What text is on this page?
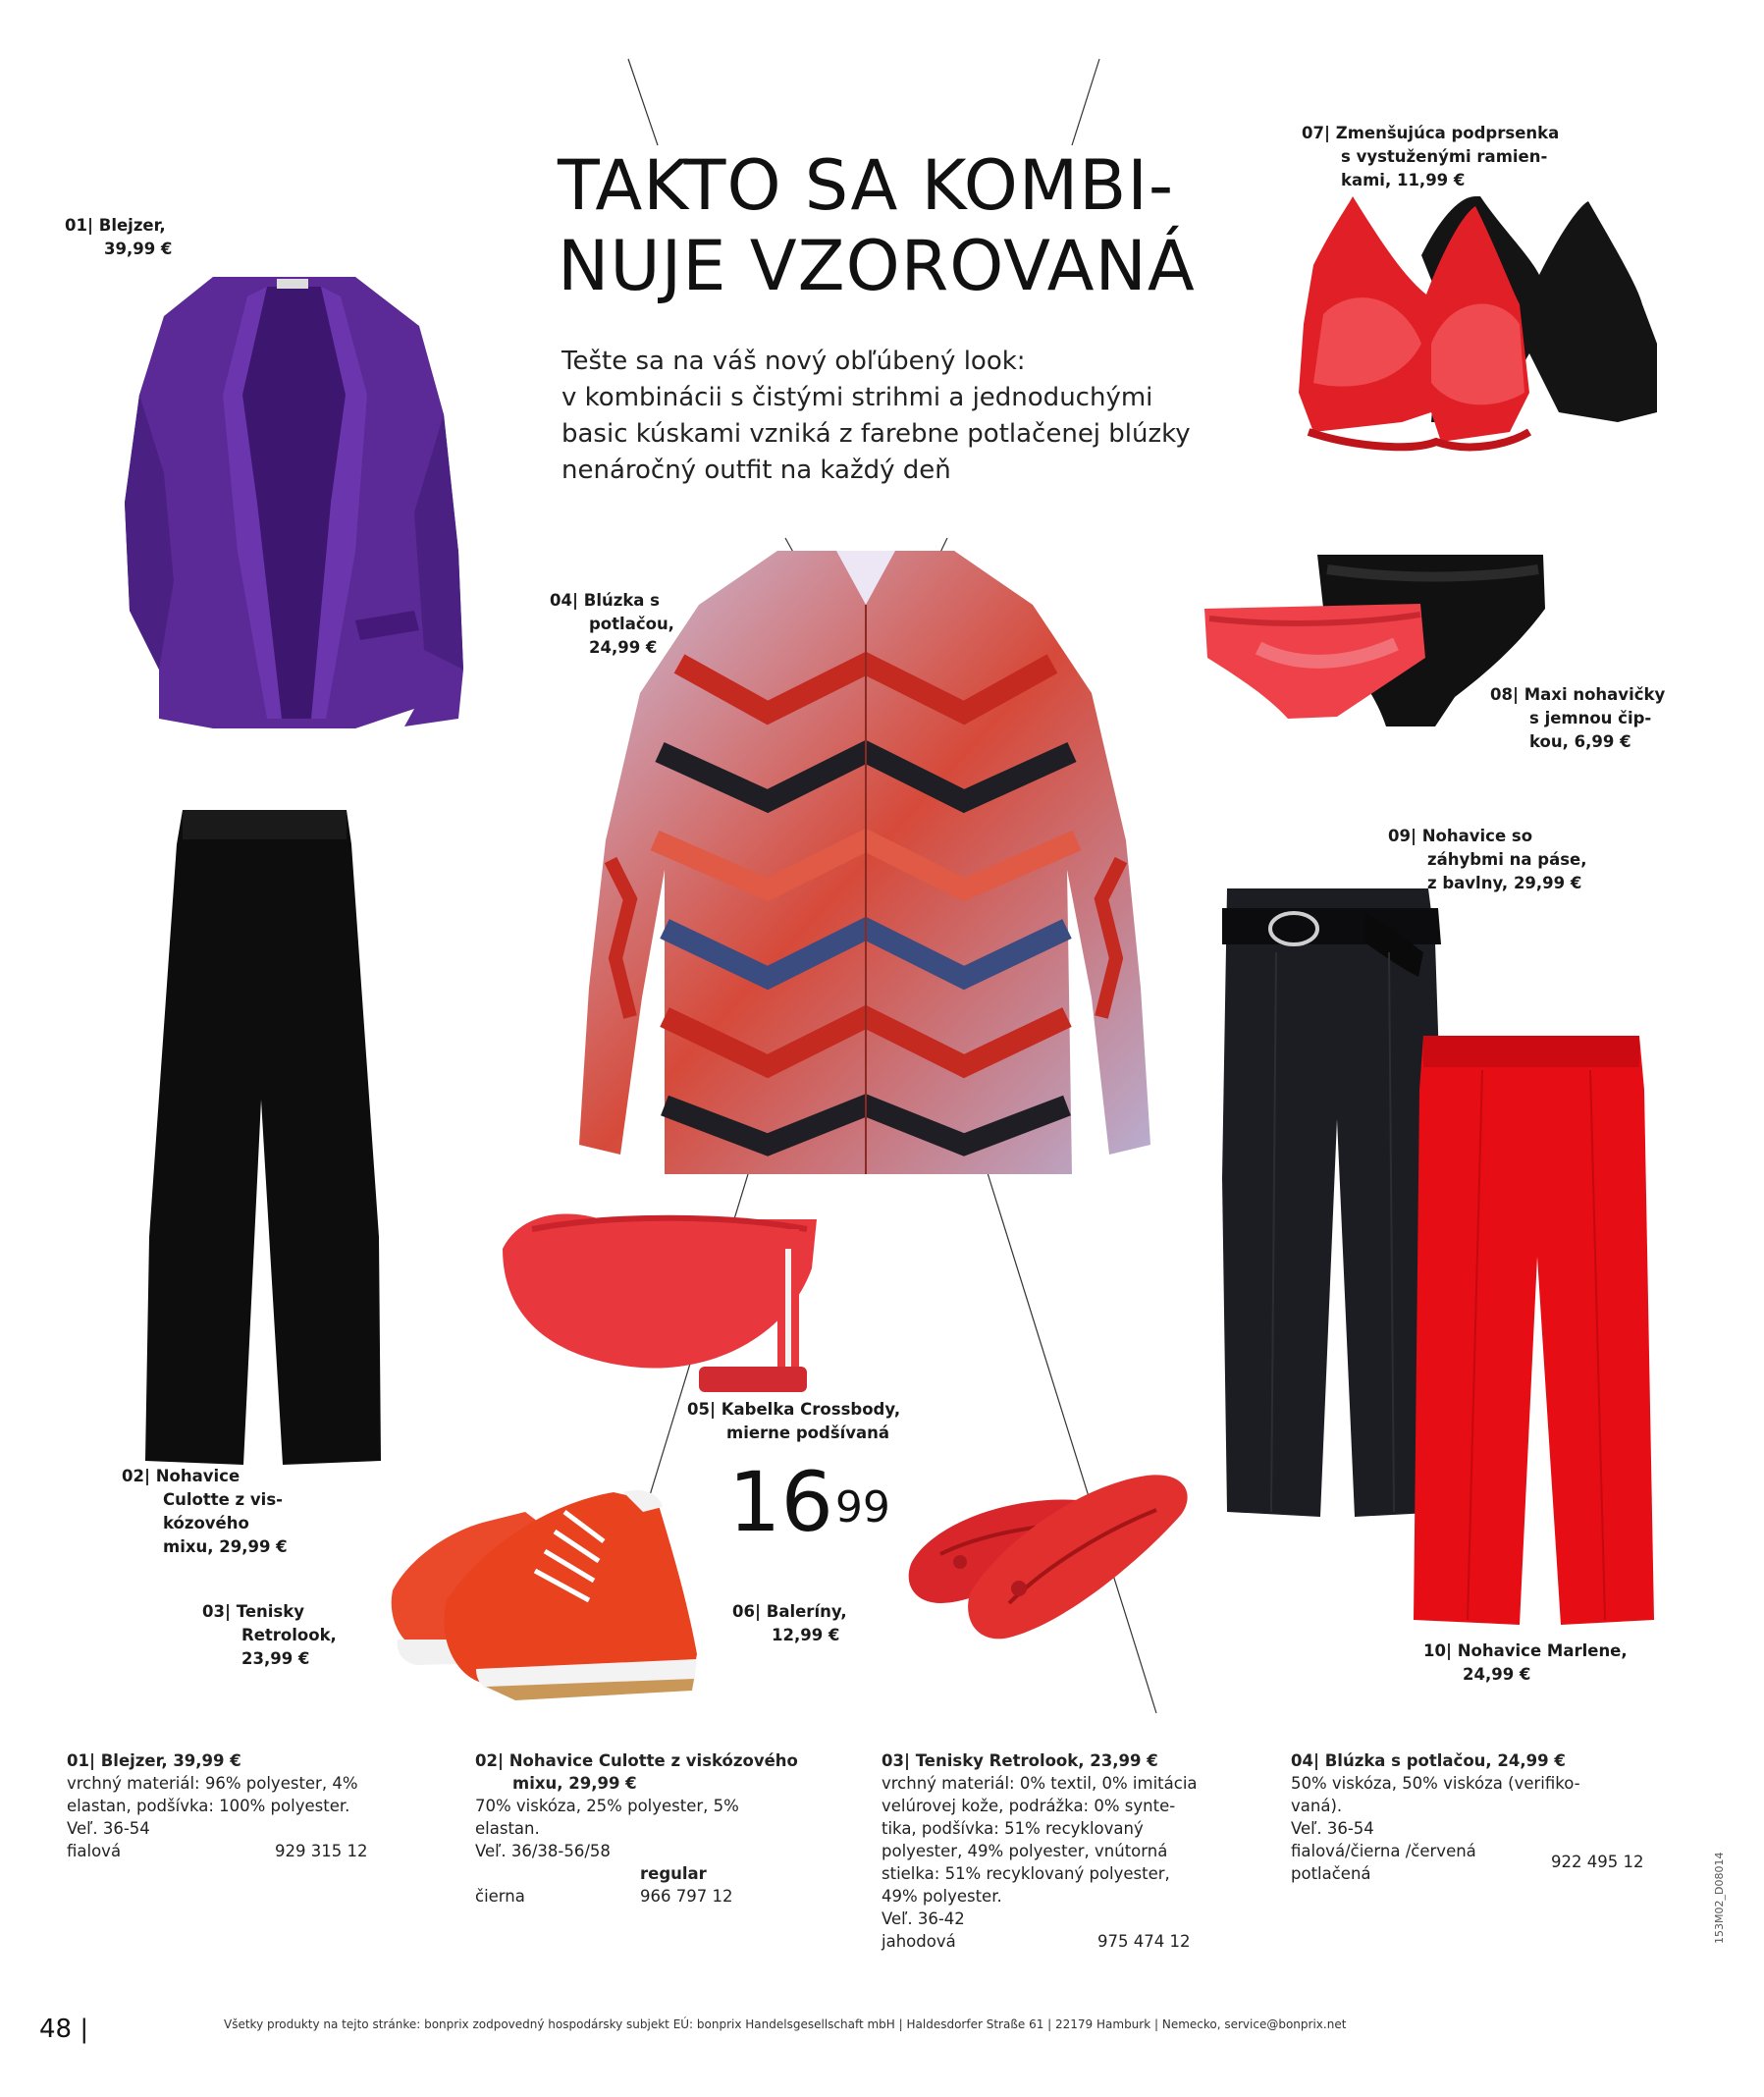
TAKTO SA KOMBI-
NUJE VZOROVANÁ
Tešte sa na váš nový obľúbený look:
v kombinácii s čistými strihmi a jednoduchými
basic kúskami vzniká z farebne potlačenej blúzky
nenáročný outfit na každý deň
01| Blejzer,
39,99 €
02| Nohavice
Culotte z vis-
kózového
mixu, 29,99 €
03| Tenisky
Retrolook,
23,99 €
04| Blúzka s
potlačou,
24,99 €
05| Kabelka Crossbody,
mierne podšívaná
$16^{99}$
06| Baleríny,
12,99 €
07| Zmenšujúca podprsenka
s vystuženými ramien-
kami, 11,99 €
08| Maxi nohavičky
s jemnou čip-
kou, 6,99 €
09| Nohavice so
záhybmi na páse,
z bavlny, 29,99 €
10| Nohavice Marlene,
24,99 €
01| Blejzer, 39,99 €
vrchný materiál: 96% polyester, 4%
elastan, podšívka: 100% polyester.
Veľ. 36-54
fialová	929 315 12
02| Nohavice Culotte z viskózového
mixu, 29,99 €
70% viskóza, 25% polyester, 5%
elastan.
Veľ. 36/38-56/58
regular
čierna	966 797 12
03| Tenisky Retrolook, 23,99 €
vrchný materiál: 0% textil, 0% imitácia
velúrovej kože, podrážka: 0% synte-
tika, podšívka: 51% recyklovaný
polyester, 49% polyester, vnútorná
stielka: 51% recyklovaný polyester,
49% polyester.
Veľ. 36-42
jahodová	975 474 12
04| Blúzka s potlačou, 24,99 €
50% viskóza, 50% viskóza (verifiko-
vaná).
Veľ. 36-54
fialová/čierna /červená
potlačená
922 495 12
48 |	Všetky produkty na tejto stránke: bonprix zodpovedný hospodársky subjekt EÚ: bonprix Handelsgesellschaft mbH | Haldesdorfer Straße 61 | 22179 Hamburk | Nemecko, service@bonprix.net
153M02_D08014
